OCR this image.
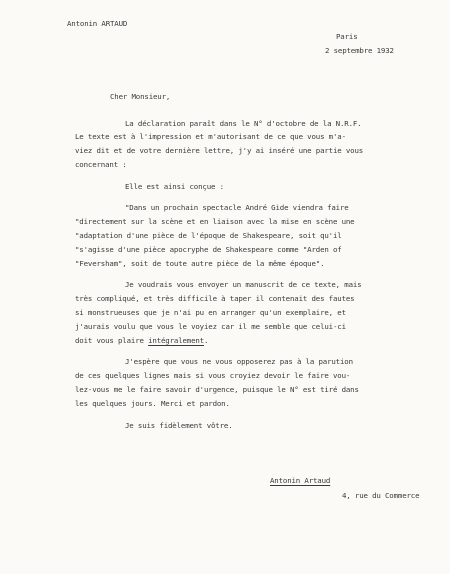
Antonin ARTAUD
Paris
2 septembre 1932
Cher Monsieur,
La déclaration paraît dans le N° d'octobre de la N.R.F.
Le texte est à l'impression et m'autorisant de ce que vous m'a-
viez dit et de votre dernière lettre, j'y ai inséré une partie vous
concernant :
Elle est ainsi conçue :
"Dans un prochain spectacle André Gide viendra faire
"directement sur la scène et en liaison avec la mise en scène une
"adaptation d'une pièce de l'époque de Shakespeare, soit qu'il
"s'agisse d'une pièce apocryphe de Shakespeare comme "Arden of
"Feversham", soit de toute autre pièce de la même époque".
Je voudrais vous envoyer un manuscrit de ce texte, mais
très compliqué, et très difficile à taper il contenait des fautes
si monstrueuses que je n'ai pu en arranger qu'un exemplaire, et
j'aurais voulu que vous le voyiez car il me semble que celui-ci
doit vous plaire intégralement.
J'espère que vous ne vous opposerez pas à la parution
de ces quelques lignes mais si vous croyiez devoir le faire vou-
lez-vous me le faire savoir d'urgence, puisque le N° est tiré dans
les quelques jours. Merci et pardon.
Je suis fidèlement vôtre.
Antonin Artaud
4, rue du Commerce
